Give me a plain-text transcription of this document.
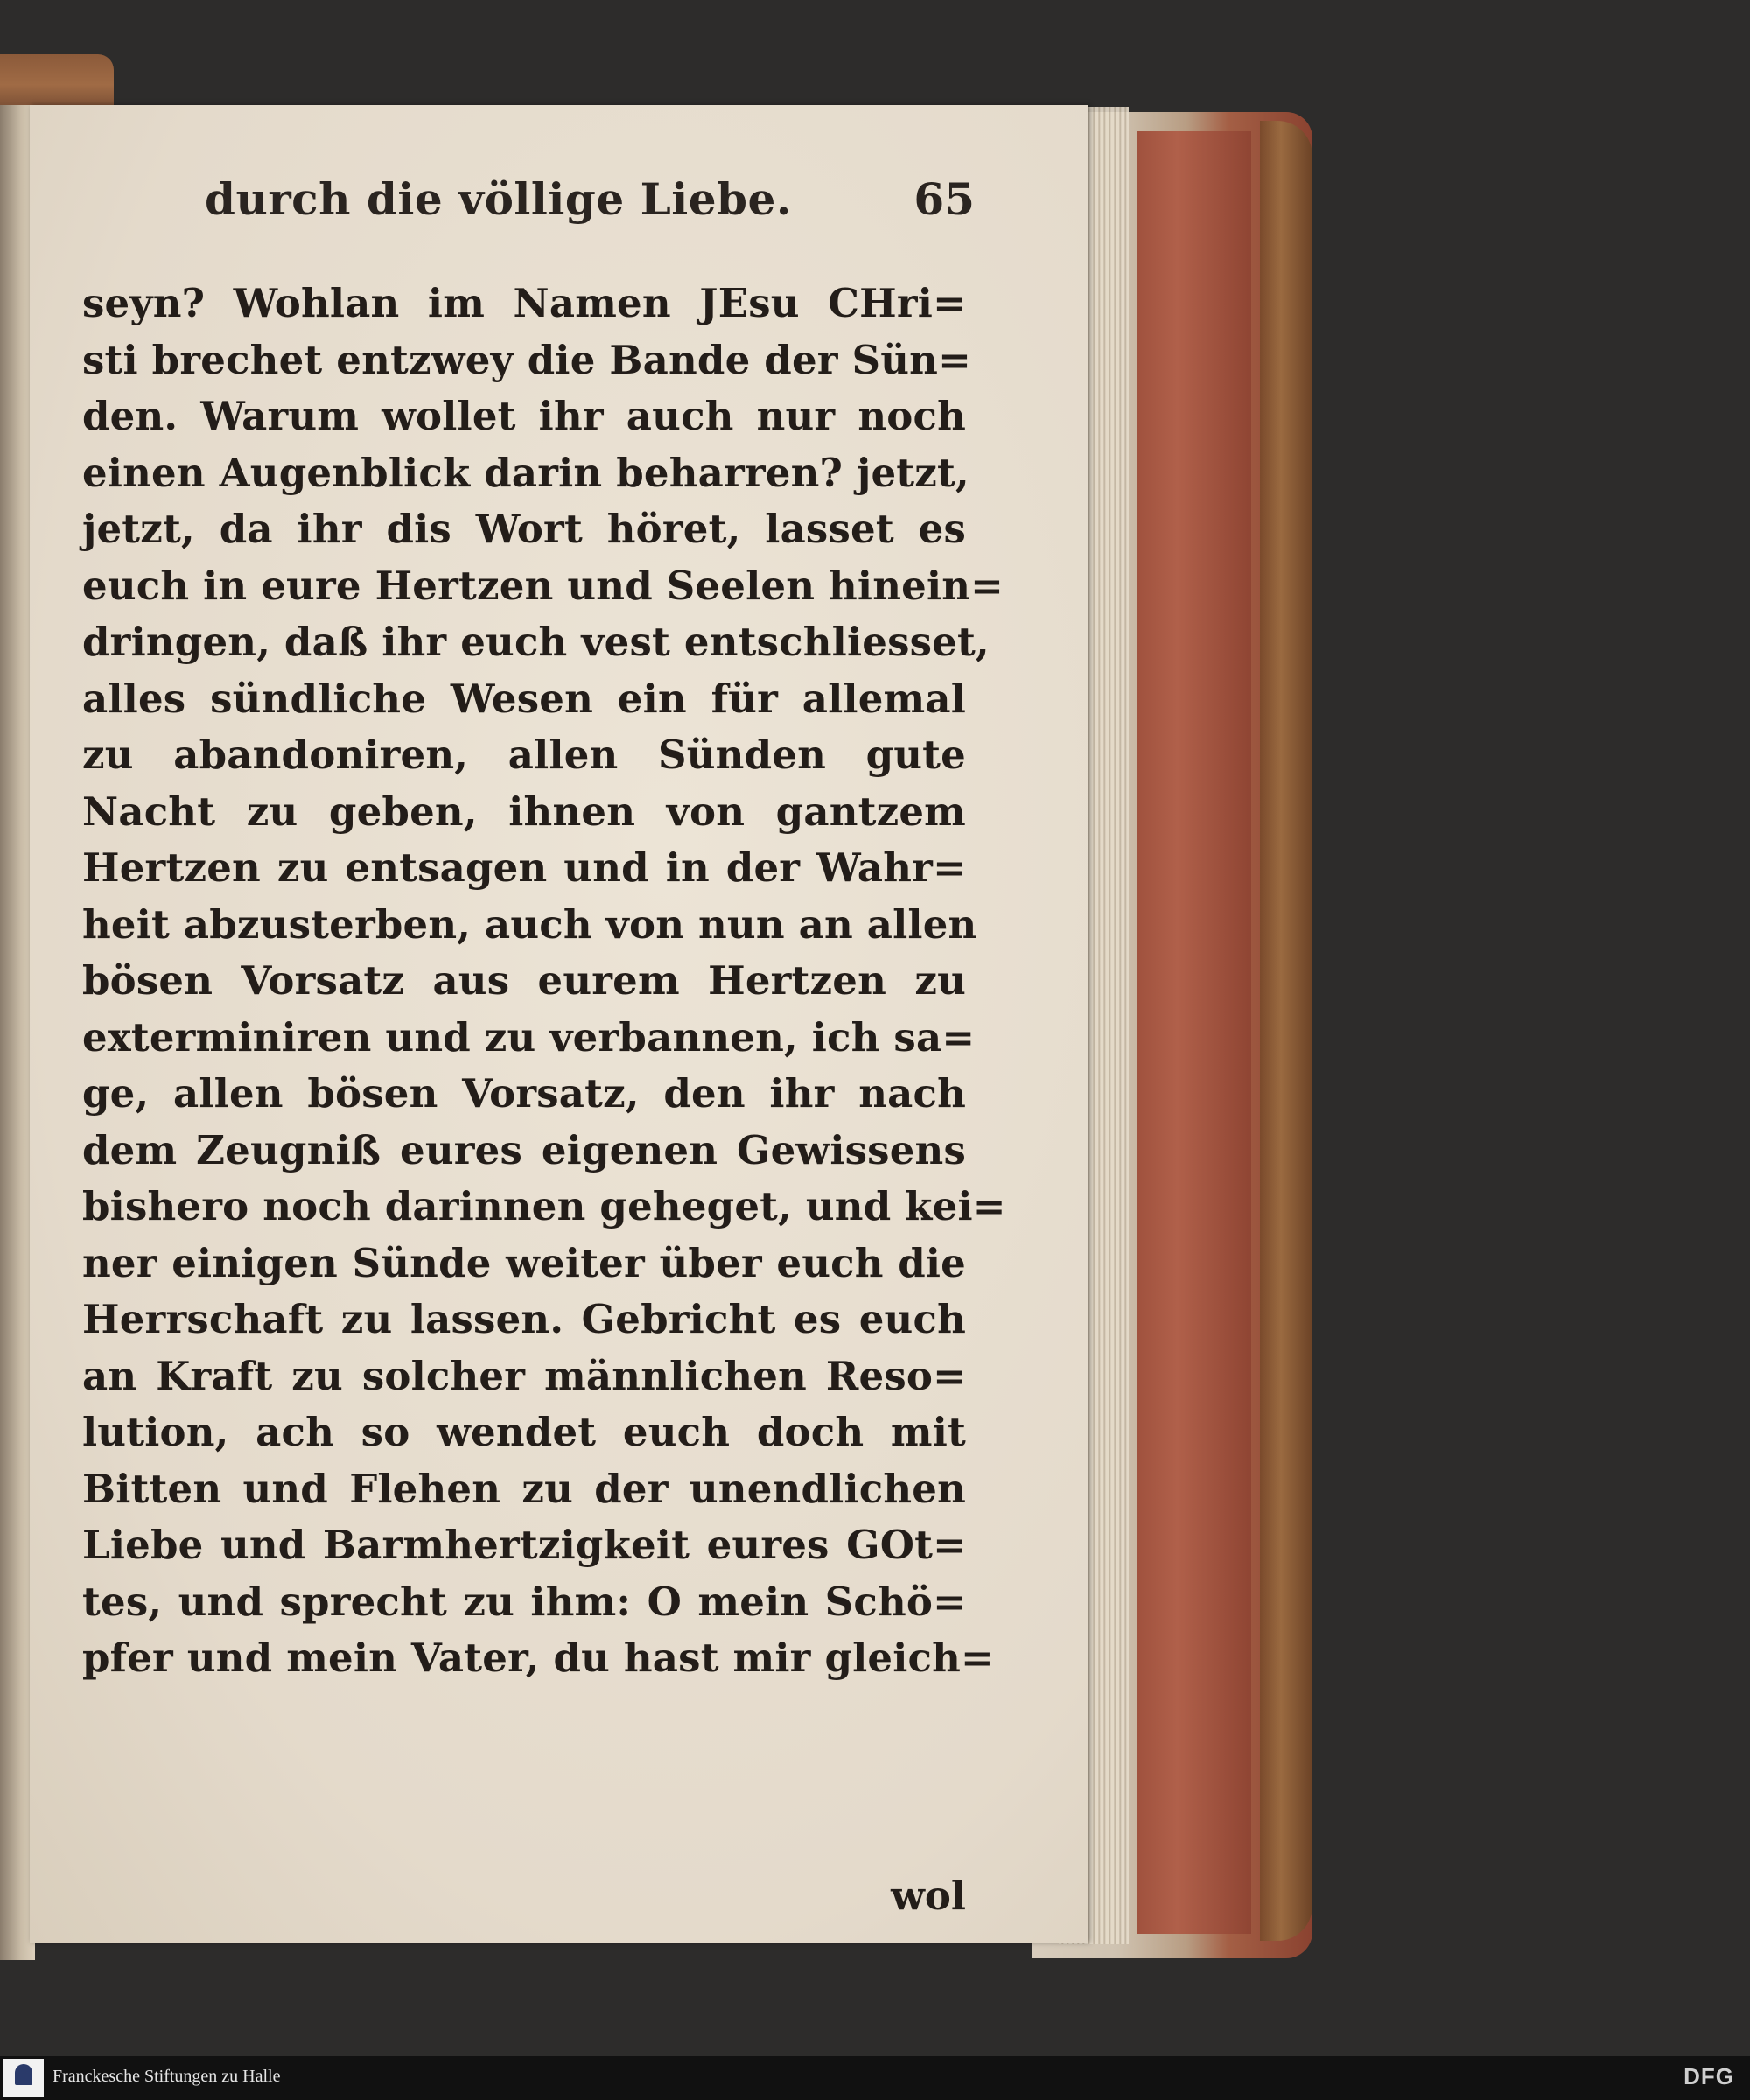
durch die völlige Liebe.	65
seyn? Wohlan im Namen JEsu CHri=
sti brechet entzwey die Bande der Sün=
den. Warum wollet ihr auch nur noch
einen Augenblick darin beharren? jetzt,
jetzt, da ihr dis Wort höret, lasset es
euch in eure Hertzen und Seelen hinein=
dringen, daß ihr euch vest entschliesset,
alles sündliche Wesen ein für allemal
zu abandoniren, allen Sünden gute
Nacht zu geben, ihnen von gantzem
Hertzen zu entsagen und in der Wahr=
heit abzusterben, auch von nun an allen
bösen Vorsatz aus eurem Hertzen zu
exterminiren und zu verbannen, ich sa=
ge, allen bösen Vorsatz, den ihr nach
dem Zeugniß eures eigenen Gewissens
bishero noch darinnen geheget, und kei=
ner einigen Sünde weiter über euch die
Herrschaft zu lassen. Gebricht es euch
an Kraft zu solcher männlichen Reso=
lution, ach so wendet euch doch mit
Bitten und Flehen zu der unendlichen
Liebe und Barmhertzigkeit eures GOt=
tes, und sprecht zu ihm: O mein Schö=
pfer und mein Vater, du hast mir gleich=
wol
Franckesche Stiftungen zu Halle	DFG
